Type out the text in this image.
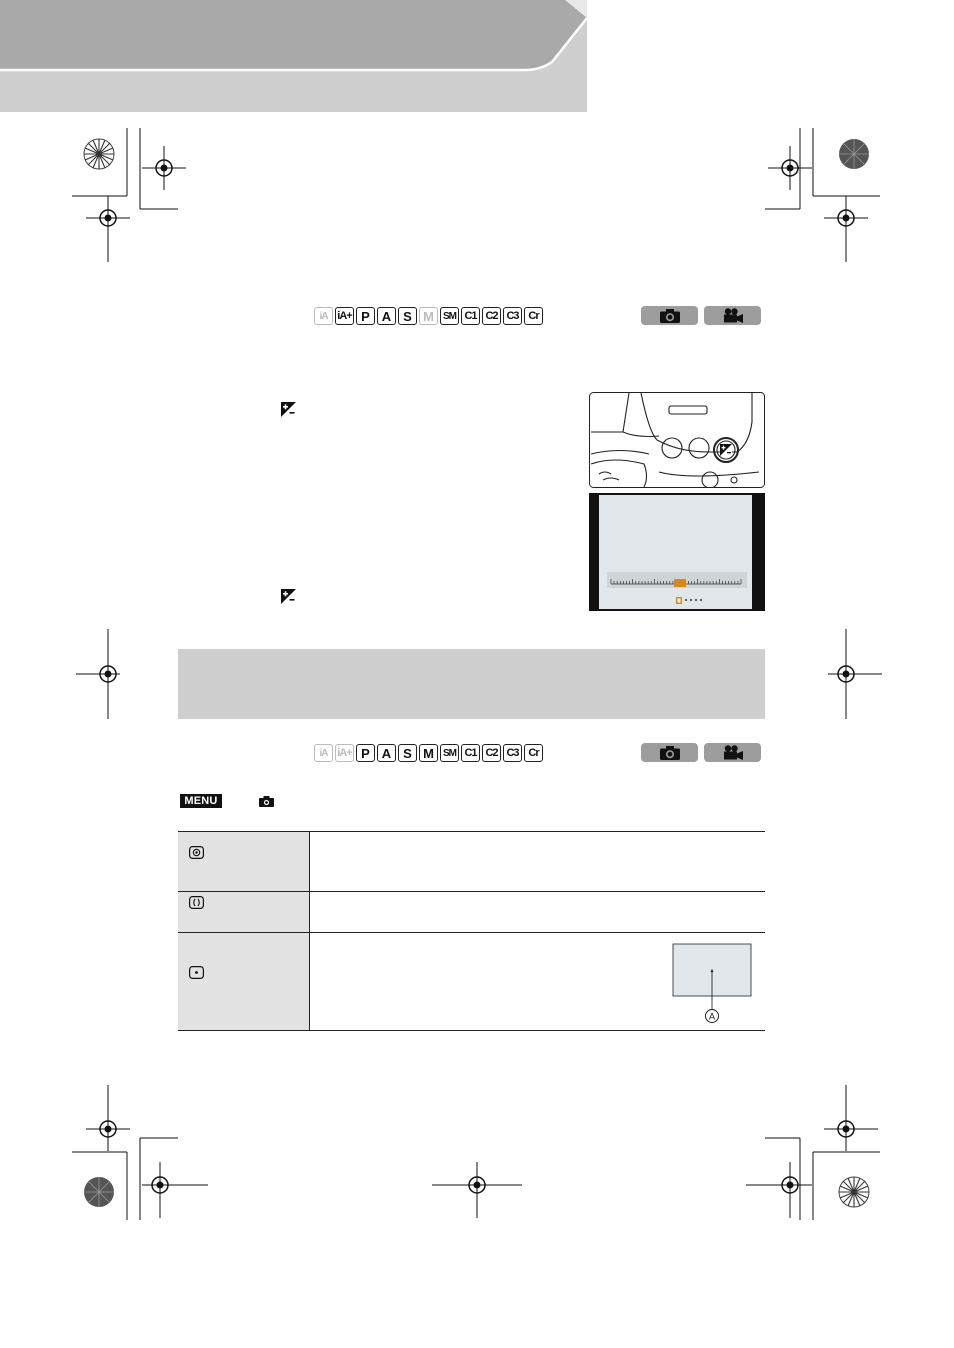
iA iA+ P A S M SM C1 C2 C3 Cr
iA iA+ P A S M SM C1 C2 C3 Cr
MENU

A
